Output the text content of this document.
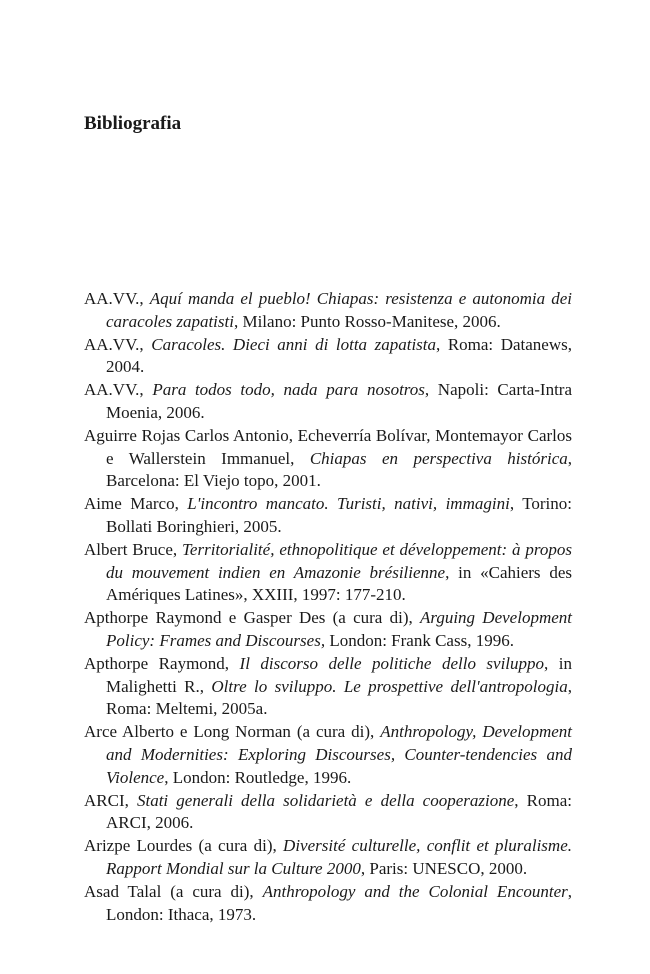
Bibliografia
AA.VV., Aquí manda el pueblo! Chiapas: resistenza e autonomia dei caracoles zapatisti, Milano: Punto Rosso-Manitese, 2006.
AA.VV., Caracoles. Dieci anni di lotta zapatista, Roma: Datanews, 2004.
AA.VV., Para todos todo, nada para nosotros, Napoli: Carta-Intra Moenia, 2006.
Aguirre Rojas Carlos Antonio, Echeverría Bolívar, Montemayor Carlos e Wallerstein Immanuel, Chiapas en perspectiva histórica, Barcelona: El Viejo topo, 2001.
Aime Marco, L'incontro mancato. Turisti, nativi, immagini, Torino: Bollati Boringhieri, 2005.
Albert Bruce, Territorialité, ethnopolitique et développement: à propos du mouvement indien en Amazonie brésilienne, in «Cahiers des Amériques Latines», XXIII, 1997: 177-210.
Apthorpe Raymond e Gasper Des (a cura di), Arguing Development Policy: Frames and Discourses, London: Frank Cass, 1996.
Apthorpe Raymond, Il discorso delle politiche dello sviluppo, in Malighetti R., Oltre lo sviluppo. Le prospettive dell'antropologia, Roma: Meltemi, 2005a.
Arce Alberto e Long Norman (a cura di), Anthropology, Development and Modernities: Exploring Discourses, Counter-tendencies and Violence, London: Routledge, 1996.
ARCI, Stati generali della solidarietà e della cooperazione, Roma: ARCI, 2006.
Arizpe Lourdes (a cura di), Diversité culturelle, conflit et pluralisme. Rapport Mondial sur la Culture 2000, Paris: UNESCO, 2000.
Asad Talal (a cura di), Anthropology and the Colonial Encounter, London: Ithaca, 1973.
